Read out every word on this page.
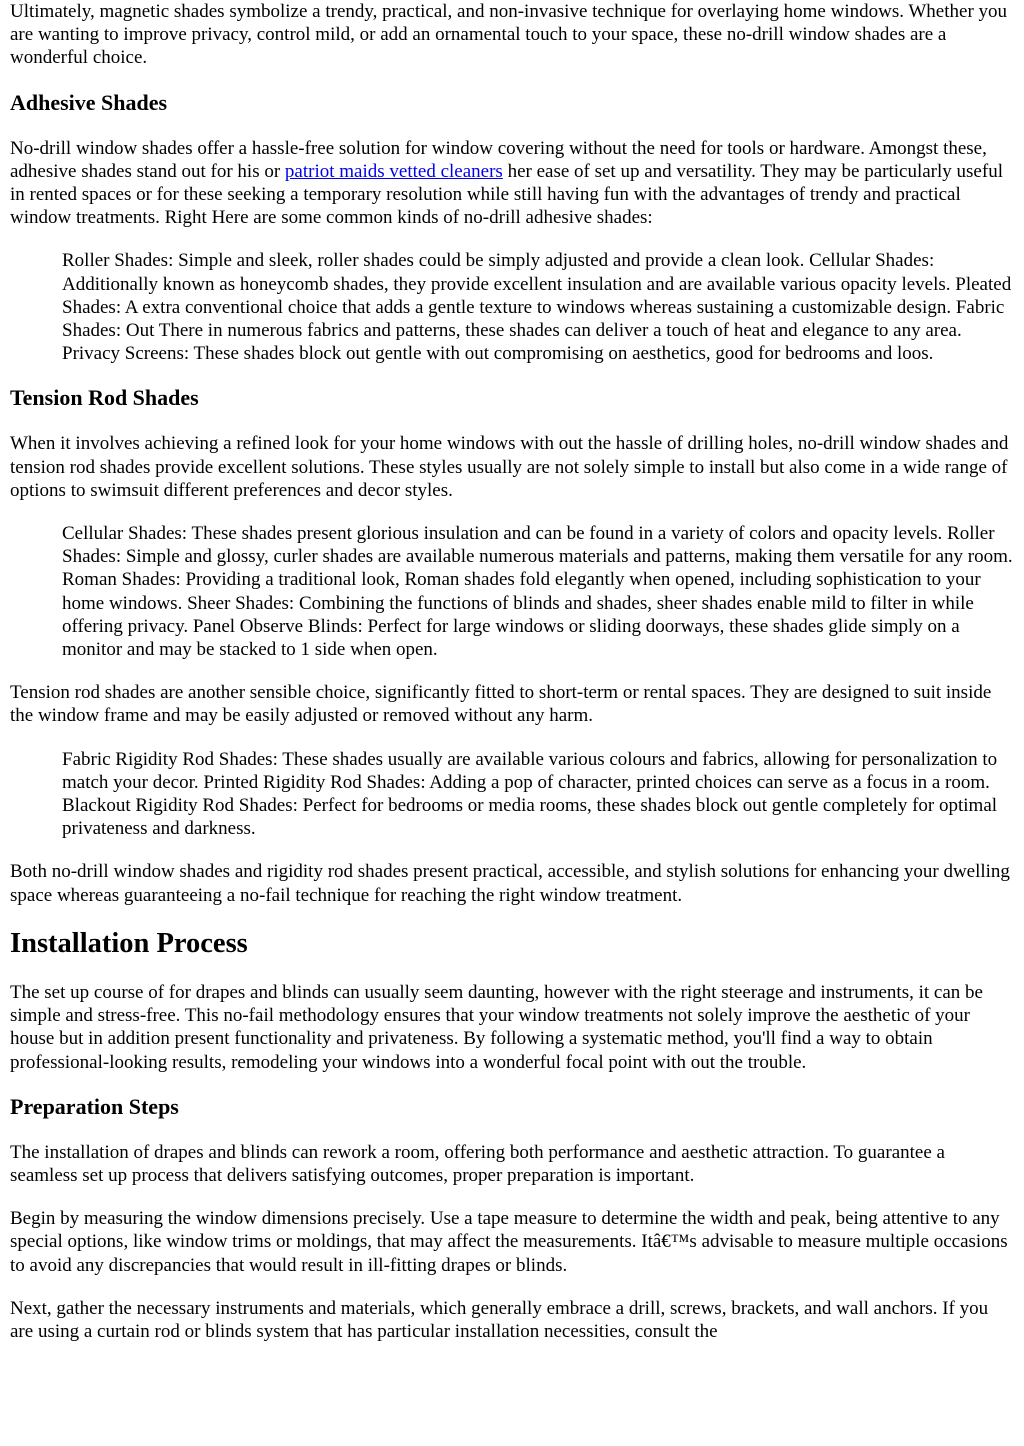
Ultimately, magnetic shades symbolize a trendy, practical, and non-invasive technique for overlaying home windows. Whether you are wanting to improve privacy, control mild, or add an ornamental touch to your space, these no-drill window shades are a wonderful choice.

Adhesive Shades

No-drill window shades offer a hassle-free solution for window covering without the need for tools or hardware. Amongst these, adhesive shades stand out for his or patriot maids vetted cleaners her ease of set up and versatility. They may be particularly useful in rented spaces or for these seeking a temporary resolution while still having fun with the advantages of trendy and practical window treatments. Right Here are some common kinds of no-drill adhesive shades:

Roller Shades: Simple and sleek, roller shades could be simply adjusted and provide a clean look. Cellular Shades: Additionally known as honeycomb shades, they provide excellent insulation and are available various opacity levels. Pleated Shades: A extra conventional choice that adds a gentle texture to windows whereas sustaining a customizable design. Fabric Shades: Out There in numerous fabrics and patterns, these shades can deliver a touch of heat and elegance to any area. Privacy Screens: These shades block out gentle with out compromising on aesthetics, good for bedrooms and loos.

Tension Rod Shades

When it involves achieving a refined look for your home windows with out the hassle of drilling holes, no-drill window shades and tension rod shades provide excellent solutions. These styles usually are not solely simple to install but also come in a wide range of options to swimsuit different preferences and decor styles.

Cellular Shades: These shades present glorious insulation and can be found in a variety of colors and opacity levels. Roller Shades: Simple and glossy, curler shades are available numerous materials and patterns, making them versatile for any room. Roman Shades: Providing a traditional look, Roman shades fold elegantly when opened, including sophistication to your home windows. Sheer Shades: Combining the functions of blinds and shades, sheer shades enable mild to filter in while offering privacy. Panel Observe Blinds: Perfect for large windows or sliding doorways, these shades glide simply on a monitor and may be stacked to 1 side when open.

Tension rod shades are another sensible choice, significantly fitted to short-term or rental spaces. They are designed to suit inside the window frame and may be easily adjusted or removed without any harm.

Fabric Rigidity Rod Shades: These shades usually are available various colours and fabrics, allowing for personalization to match your decor. Printed Rigidity Rod Shades: Adding a pop of character, printed choices can serve as a focus in a room. Blackout Rigidity Rod Shades: Perfect for bedrooms or media rooms, these shades block out gentle completely for optimal privateness and darkness.

Both no-drill window shades and rigidity rod shades present practical, accessible, and stylish solutions for enhancing your dwelling space whereas guaranteeing a no-fail technique for reaching the right window treatment.

Installation Process

The set up course of for drapes and blinds can usually seem daunting, however with the right steerage and instruments, it can be simple and stress-free. This no-fail methodology ensures that your window treatments not solely improve the aesthetic of your house but in addition present functionality and privateness. By following a systematic method, you'll find a way to obtain professional-looking results, remodeling your windows into a wonderful focal point with out the trouble.

Preparation Steps

The installation of drapes and blinds can rework a room, offering both performance and aesthetic attraction. To guarantee a seamless set up process that delivers satisfying outcomes, proper preparation is important.

Begin by measuring the window dimensions precisely. Use a tape measure to determine the width and peak, being attentive to any special options, like window trims or moldings, that may affect the measurements. Itâ€™s advisable to measure multiple occasions to avoid any discrepancies that would result in ill-fitting drapes or blinds.

Next, gather the necessary instruments and materials, which generally embrace a drill, screws, brackets, and wall anchors. If you are using a curtain rod or blinds system that has particular installation necessities, consult the
